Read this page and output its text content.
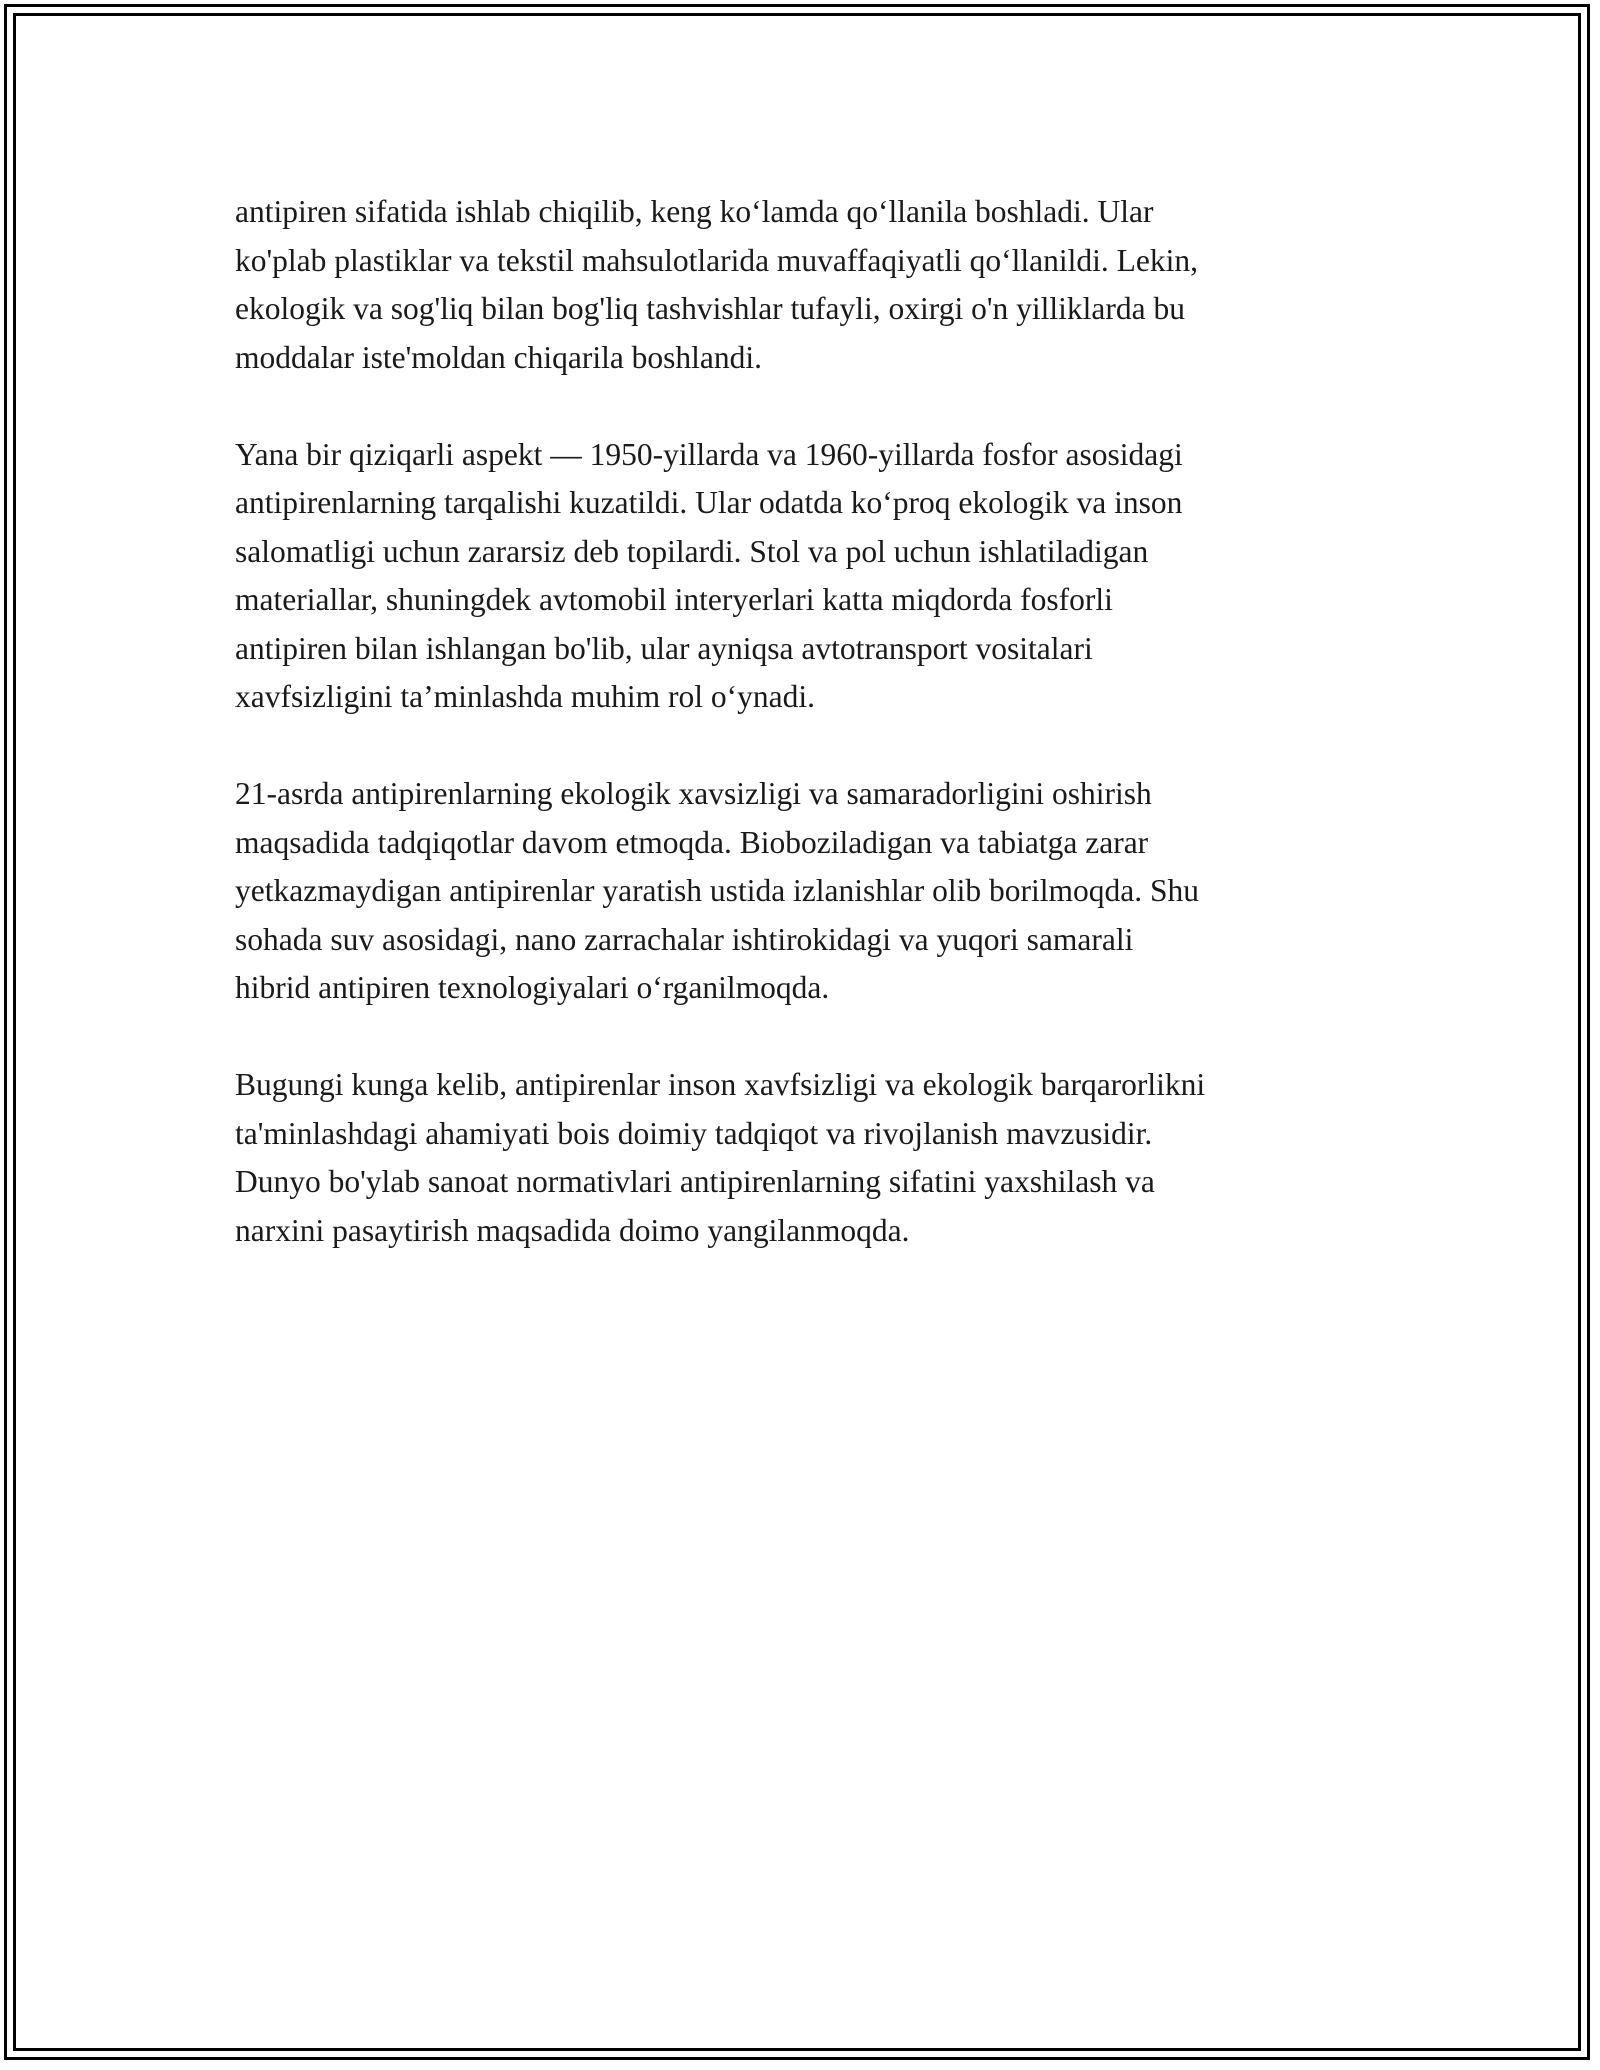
antipiren sifatida ishlab chiqilib, keng ko‘lamda qo‘llanila boshladi. Ular
ko'plab plastiklar va tekstil mahsulotlarida muvaffaqiyatli qo‘llanildi. Lekin,
ekologik va sog'liq bilan bog'liq tashvishlar tufayli, oxirgi o'n yilliklarda bu
moddalar iste'moldan chiqarila boshlandi.

Yana bir qiziqarli aspekt — 1950-yillarda va 1960-yillarda fosfor asosidagi
antipirenlarning tarqalishi kuzatildi. Ular odatda ko‘proq ekologik va inson
salomatligi uchun zararsiz deb topilardi. Stol va pol uchun ishlatiladigan
materiallar, shuningdek avtomobil interyerlari katta miqdorda fosforli
antipiren bilan ishlangan bo'lib, ular ayniqsa avtotransport vositalari
xavfsizligini ta’minlashda muhim rol o‘ynadi.

21-asrda antipirenlarning ekologik xavsizligi va samaradorligini oshirish
maqsadida tadqiqotlar davom etmoqda. Bioboziladigan va tabiatga zarar
yetkazmaydigan antipirenlar yaratish ustida izlanishlar olib borilmoqda. Shu
sohada suv asosidagi, nano zarrachalar ishtirokidagi va yuqori samarali
hibrid antipiren texnologiyalari o‘rganilmoqda.

Bugungi kunga kelib, antipirenlar inson xavfsizligi va ekologik barqarorlikni
ta'minlashdagi ahamiyati bois doimiy tadqiqot va rivojlanish mavzusidir.
Dunyo bo'ylab sanoat normativlari antipirenlarning sifatini yaxshilash va
narxini pasaytirish maqsadida doimo yangilanmoqda.
